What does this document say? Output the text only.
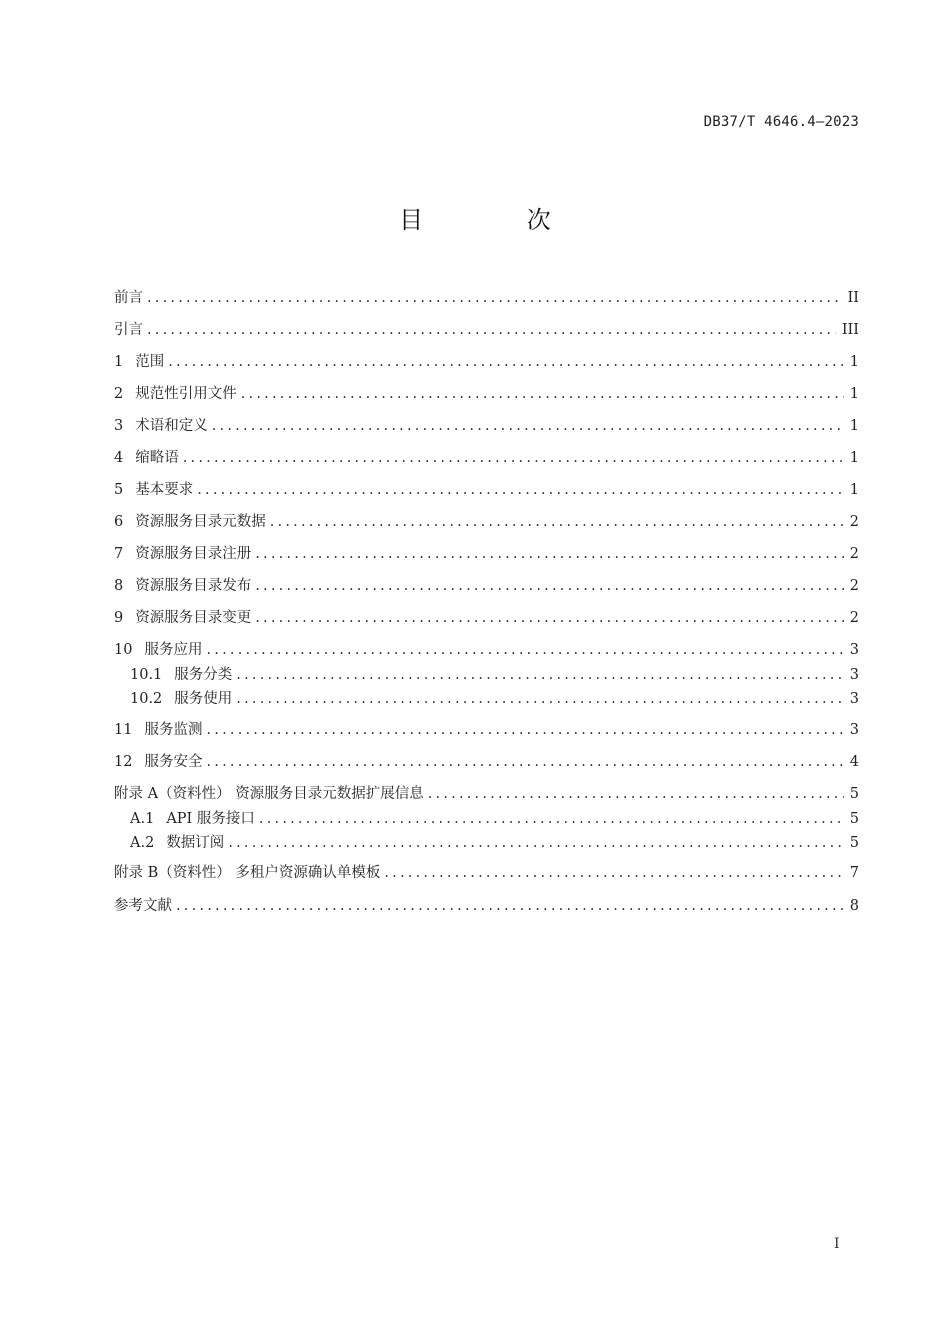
DB37/T 4646.4—2023
目 次
前言 .....	II
引言 .....	III
1 范围 .....	1
2 规范性引用文件 .....	1
3 术语和定义 .....	1
4 缩略语 .....	1
5 基本要求 .....	1
6 资源服务目录元数据 .....	2
7 资源服务目录注册 .....	2
8 资源服务目录发布 .....	2
9 资源服务目录变更 .....	2
10 服务应用 .....	3
10.1 服务分类 .....	3
10.2 服务使用 .....	3
11 服务监测 .....	3
12 服务安全 .....	4
附录 A（资料性） 资源服务目录元数据扩展信息 .....	5
A.1 API 服务接口 .....	5
A.2 数据订阅 .....	5
附录 B（资料性） 多租户资源确认单模板 .....	7
参考文献 .....	8
I
